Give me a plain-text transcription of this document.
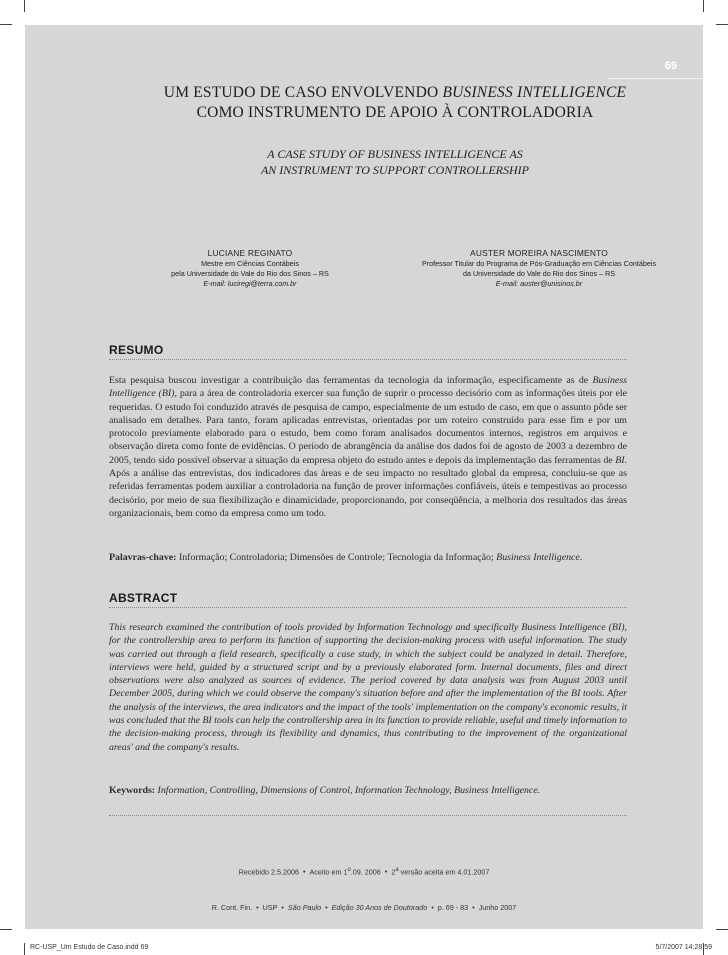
69
UM ESTUDO DE CASO ENVOLVENDO BUSINESS INTELLIGENCE
COMO INSTRUMENTO DE APOIO À CONTROLADORIA
A CASE STUDY OF BUSINESS INTELLIGENCE AS
AN INSTRUMENT TO SUPPORT CONTROLLERSHIP
LUCIANE REGINATO
Mestre em Ciências Contábeis
pela Universidade do Vale do Rio dos Sinos – RS
E-mail: luciregi@terra.com.br
AUSTER MOREIRA NASCIMENTO
Professor Titular do Programa de Pós-Graduação em Ciências Contábeis
da Universidade do Vale do Rio dos Sinos – RS
E-mail: auster@unisinos.br
RESUMO
Esta pesquisa buscou investigar a contribuição das ferramentas da tecnologia da informação, especificamente as de Business Intelligence (BI), para a área de controladoria exercer sua função de suprir o processo decisório com as informações úteis por ele requeridas. O estudo foi conduzido através de pesquisa de campo, especialmente de um estudo de caso, em que o assunto pôde ser analisado em detalhes. Para tanto, foram aplicadas entrevistas, orientadas por um roteiro construído para esse fim e por um protocolo previamente elaborado para o estudo, bem como foram analisados documentos internos, registros em arquivos e observação direta como fonte de evidências. O período de abrangência da análise dos dados foi de agosto de 2003 a dezembro de 2005, tendo sido possível observar a situação da empresa objeto do estudo antes e depois da implementação das ferramentas de BI. Após a análise das entrevistas, dos indicadores das áreas e de seu impacto no resultado global da empresa, concluiu-se que as referidas ferramentas podem auxiliar a controladoria na função de prover informações confiáveis, úteis e tempestivas ao processo decisório, por meio de sua flexibilização e dinamicidade, proporcionando, por conseqüência, a melhoria dos resultados das áreas organizacionais, bem como da empresa como um todo.
Palavras-chave: Informação; Controladoria; Dimensões de Controle; Tecnologia da Informação; Business Intelligence.
ABSTRACT
This research examined the contribution of tools provided by Information Technology and specifically Business Intelligence (BI), for the controllership area to perform its function of supporting the decision-making process with useful information. The study was carried out through a field research, specifically a case study, in which the subject could be analyzed in detail. Therefore, interviews were held, guided by a structured script and by a previously elaborated form. Internal documents, files and direct observations were also analyzed as sources of evidence. The period covered by data analysis was from August 2003 until December 2005, during which we could observe the company's situation before and after the implementation of the BI tools. After the analysis of the interviews, the area indicators and the impact of the tools' implementation on the company's economic results, it was concluded that the BI tools can help the controllership area in its function to provide reliable, useful and timely information to the decision-making process, through its flexibility and dynamics, thus contributing to the improvement of the organizational areas' and the company's results.
Keywords: Information, Controlling, Dimensions of Control, Information Technology, Business Intelligence.
Recebido 2.5.2006 • Aceito em 1$^o$.09. 2006 • 2$^a$ versão aceita em 4.01.2007
R. Cont. Fin. • USP • São Paulo • Edição 30 Anos de Doutorado • p. 69 - 83 • Junho 2007
RC-USP_Um Estudo de Caso.indd 69	5/7/2007 14:28:59
